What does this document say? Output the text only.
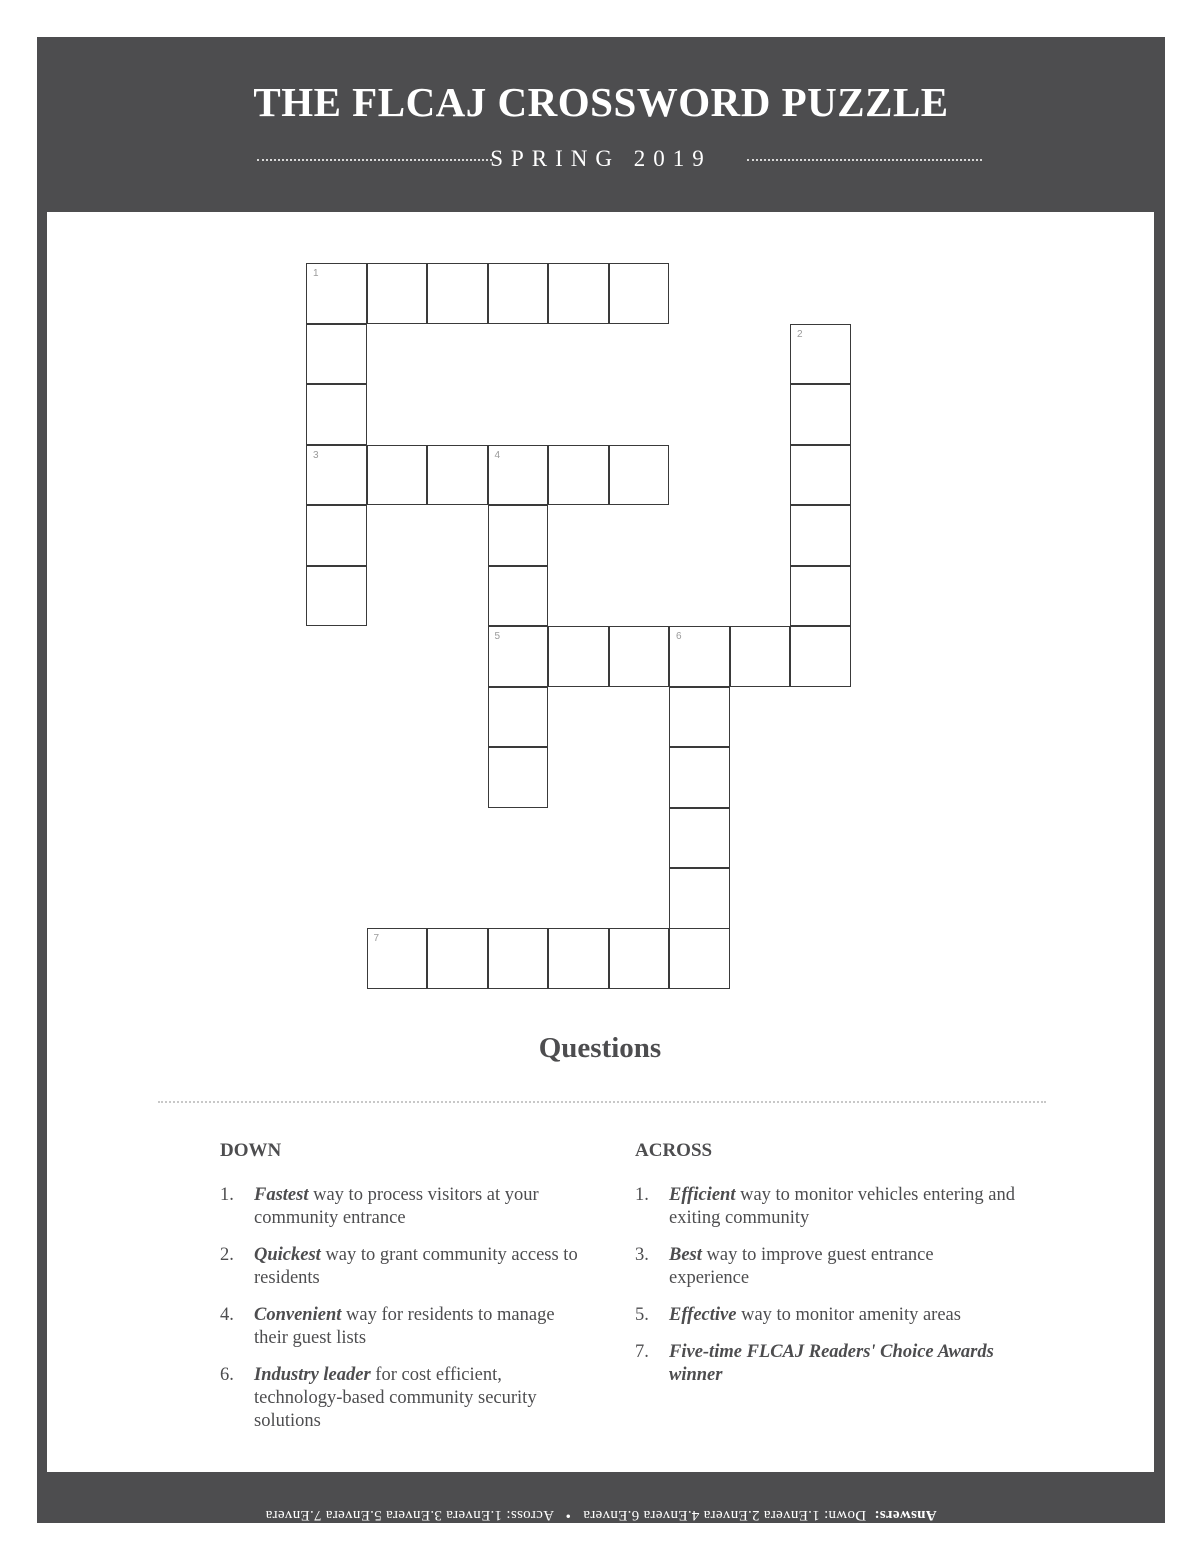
THE FLCAJ CROSSWORD PUZZLE
SPRING 2019
1
2
3	4
5	6
7
Questions
DOWN
1. Fastest way to process visitors at your community entrance
2. Quickest way to grant community access to residents
4. Convenient way for residents to manage their guest lists
6. Industry leader for cost efficient, technology-based community security solutions
ACROSS
1. Efficient way to monitor vehicles entering and exiting community
3. Best way to improve guest entrance experience
5. Effective way to monitor amenity areas
7. Five-time FLCAJ Readers' Choice Awards winner
Answers:  Down: 1.Envera 2.Envera 4.Envera 6.Envera   •   Across: 1.Envera 3.Envera 5.Envera 7.Envera
